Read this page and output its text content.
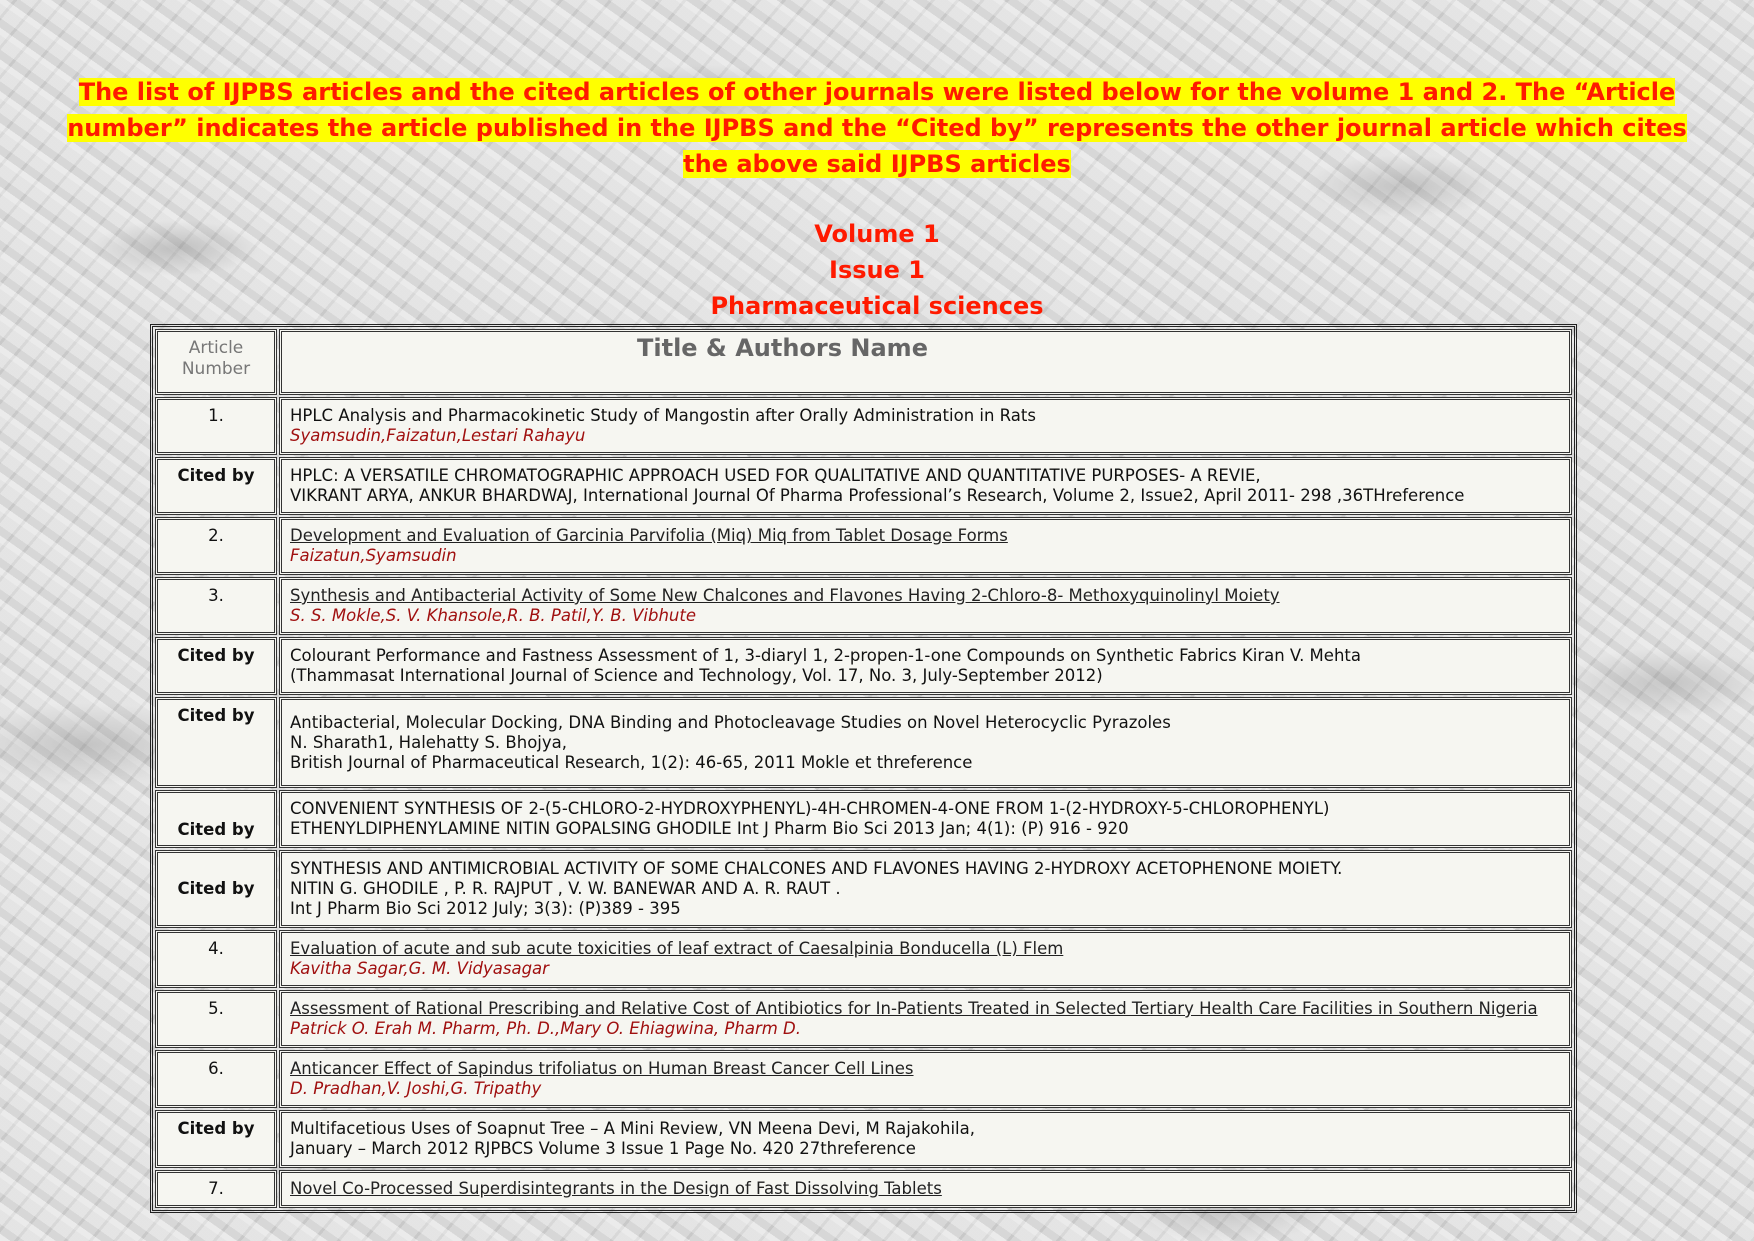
The list of IJPBS articles and the cited articles of other journals were listed below for the volume 1 and 2. The “Article number” indicates the article published in the IJPBS and the “Cited by” represents the other journal article which cites the above said IJPBS articles

Volume 1
Issue 1
Pharmaceutical sciences
Article Number	Title & Authors Name
1.	HPLC Analysis and Pharmacokinetic Study of Mangostin after Orally Administration in Rats
Syamsudin,Faizatun,Lestari Rahayu

Cited by	HPLC: A VERSATILE CHROMATOGRAPHIC APPROACH USED FOR QUALITATIVE AND QUANTITATIVE PURPOSES- A REVIE,
VIKRANT ARYA, ANKUR BHARDWAJ, International Journal Of Pharma Professional’s Research, Volume 2, Issue2, April 2011- 298 ,36THreference

2.	Development and Evaluation of Garcinia Parvifolia (Miq) Miq from Tablet Dosage Forms
Faizatun,Syamsudin

3.	Synthesis and Antibacterial Activity of Some New Chalcones and Flavones Having 2-Chloro-8- Methoxyquinolinyl Moiety
S. S. Mokle,S. V. Khansole,R. B. Patil,Y. B. Vibhute

Cited by	Colourant Performance and Fastness Assessment of 1, 3-diaryl 1, 2-propen-1-one Compounds on Synthetic Fabrics Kiran V. Mehta
(Thammasat International Journal of Science and Technology, Vol. 17, No. 3, July-September 2012)

Cited by	Antibacterial, Molecular Docking, DNA Binding and Photocleavage Studies on Novel Heterocyclic Pyrazoles
N. Sharath1, Halehatty S. Bhojya,
British Journal of Pharmaceutical Research, 1(2): 46-65, 2011 Mokle et threference

Cited by	CONVENIENT SYNTHESIS OF 2-(5-CHLORO-2-HYDROXYPHENYL)-4H-CHROMEN-4-ONE FROM 1-(2-HYDROXY-5-CHLOROPHENYL)
ETHENYLDIPHENYLAMINE NITIN GOPALSING GHODILE Int J Pharm Bio Sci 2013 Jan; 4(1): (P) 916 - 920

Cited by	SYNTHESIS AND ANTIMICROBIAL ACTIVITY OF SOME CHALCONES AND FLAVONES HAVING 2-HYDROXY ACETOPHENONE MOIETY.
NITIN G. GHODILE , P. R. RAJPUT , V. W. BANEWAR AND A. R. RAUT .
Int J Pharm Bio Sci 2012 July; 3(3): (P)389 - 395

4.	Evaluation of acute and sub acute toxicities of leaf extract of Caesalpinia Bonducella (L) Flem
Kavitha Sagar,G. M. Vidyasagar

5.	Assessment of Rational Prescribing and Relative Cost of Antibiotics for In-Patients Treated in Selected Tertiary Health Care Facilities in Southern Nigeria
Patrick O. Erah M. Pharm, Ph. D.,Mary O. Ehiagwina, Pharm D.

6.	Anticancer Effect of Sapindus trifoliatus on Human Breast Cancer Cell Lines
D. Pradhan,V. Joshi,G. Tripathy

Cited by	Multifacetious Uses of Soapnut Tree – A Mini Review, VN Meena Devi, M Rajakohila,
January – March 2012 RJPBCS Volume 3 Issue 1 Page No. 420 27threference

7.	Novel Co-Processed Superdisintegrants in the Design of Fast Dissolving Tablets
